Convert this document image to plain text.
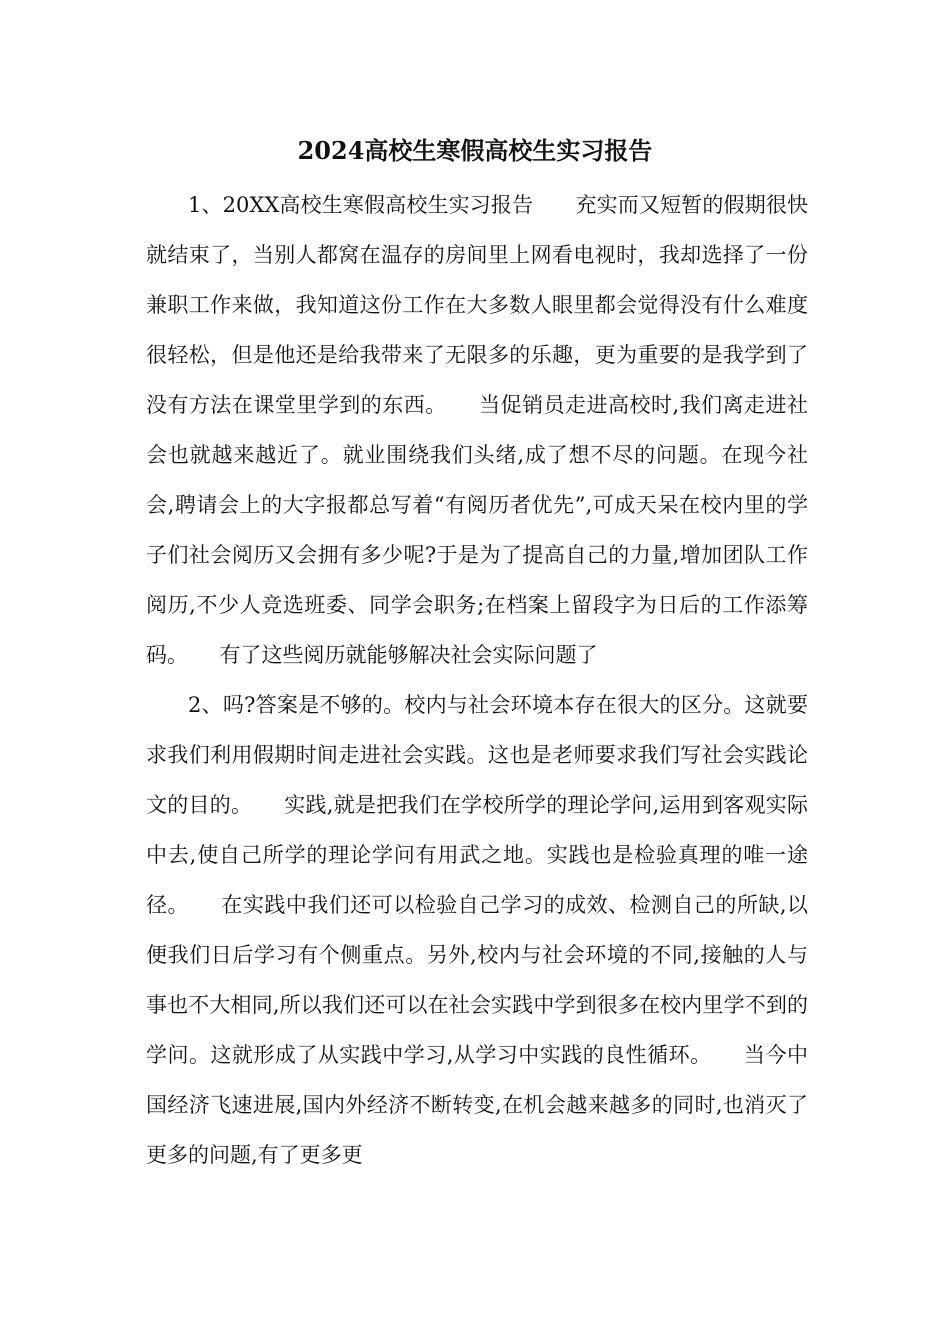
2024高校生寒假高校生实习报告

1、20XX高校生寒假高校生实习报告　　充实而又短暂的假期很快就结束了，当别人都窝在温存的房间里上网看电视时，我却选择了一份兼职工作来做，我知道这份工作在大多数人眼里都会觉得没有什么难度很轻松，但是他还是给我带来了无限多的乐趣，更为重要的是我学到了没有方法在课堂里学到的东西。　　当促销员走进高校时,我们离走进社会也就越来越近了。就业围绕我们头绪,成了想不尽的问题。在现今社会,聘请会上的大字报都总写着“有阅历者优先”,可成天呆在校内里的学子们社会阅历又会拥有多少呢?于是为了提高自己的力量,增加团队工作阅历,不少人竞选班委、同学会职务;在档案上留段字为日后的工作添筹码。　　有了这些阅历就能够解决社会实际问题了

2、吗?答案是不够的。校内与社会环境本存在很大的区分。这就要求我们利用假期时间走进社会实践。这也是老师要求我们写社会实践论文的目的。　　实践,就是把我们在学校所学的理论学问,运用到客观实际中去,使自己所学的理论学问有用武之地。实践也是检验真理的唯一途径。　　在实践中我们还可以检验自己学习的成效、检测自己的所缺,以便我们日后学习有个侧重点。另外,校内与社会环境的不同,接触的人与事也不大相同,所以我们还可以在社会实践中学到很多在校内里学不到的学问。这就形成了从实践中学习,从学习中实践的良性循环。　　当今中国经济飞速进展,国内外经济不断转变,在机会越来越多的同时,也消灭了更多的问题,有了更多更
